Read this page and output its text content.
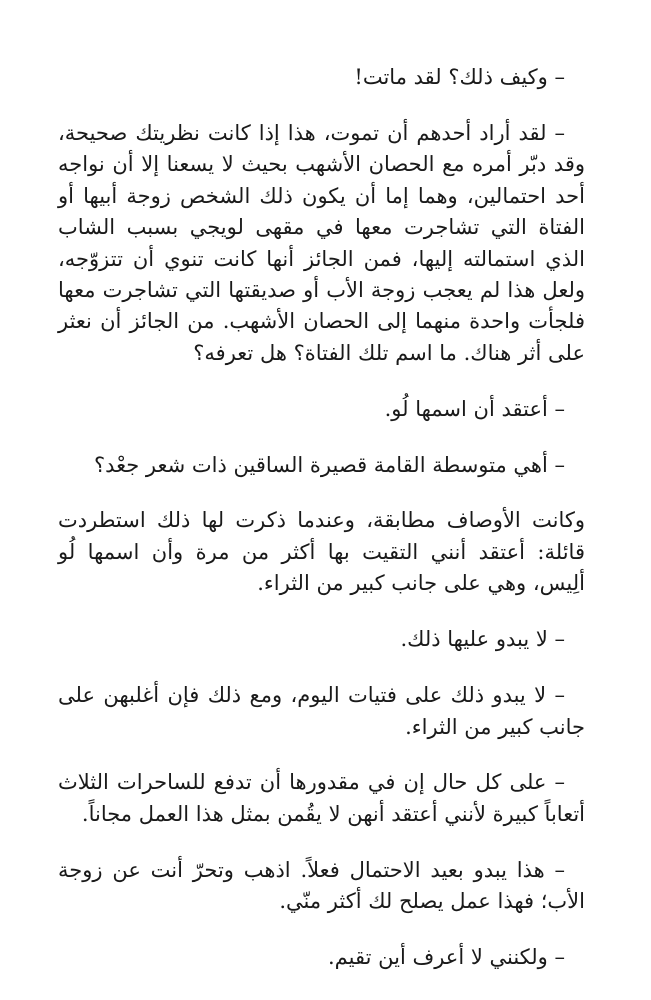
– وكيف ذلك؟ لقد ماتت!

– لقد أراد أحدهم أن تموت، هذا إذا كانت نظريتك صحيحة، وقد دبّر أمره مع الحصان الأشهب بحيث لا يسعنا إلا أن نواجه أحد احتمالين، وهما إما أن يكون ذلك الشخص زوجة أبيها أو الفتاة التي تشاجرت معها في مقهى لويجي بسبب الشاب الذي استمالته إليها، فمن الجائز أنها كانت تنوي أن تتزوّجه، ولعل هذا لم يعجب زوجة الأب أو صديقتها التي تشاجرت معها فلجأت واحدة منهما إلى الحصان الأشهب. من الجائز أن نعثر على أثر هناك. ما اسم تلك الفتاة؟ هل تعرفه؟

– أعتقد أن اسمها لُو.

– أهي متوسطة القامة قصيرة الساقين ذات شعر جعْد؟

وكانت الأوصاف مطابقة، وعندما ذكرت لها ذلك استطردت قائلة: أعتقد أنني التقيت بها أكثر من مرة وأن اسمها لُو ألِيس، وهي على جانب كبير من الثراء.

– لا يبدو عليها ذلك.

– لا يبدو ذلك على فتيات اليوم، ومع ذلك فإن أغلبهن على جانب كبير من الثراء.

– على كل حال إن في مقدورها أن تدفع للساحرات الثلاث أتعاباً كبيرة لأنني أعتقد أنهن لا يقُمن بمثل هذا العمل مجاناً.

– هذا يبدو بعيد الاحتمال فعلاً. اذهب وتحرّ أنت عن زوجة الأب؛ فهذا عمل يصلح لك أكثر منّي.

– ولكنني لا أعرف أين تقيم.
